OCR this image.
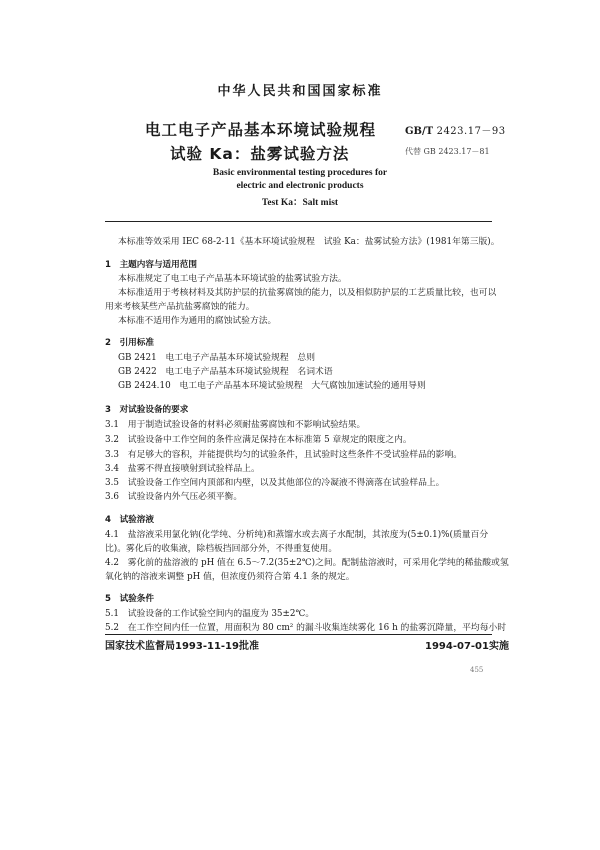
中华人民共和国国家标准
电工电子产品基本环境试验规程
试验 Ka：盐雾试验方法
GB/T 2423.17－93
代替 GB 2423.17－81
Basic environmental testing procedures for
electric and electronic products
Test Ka：Salt mist
本标准等效采用 IEC 68-2-11《基本环境试验规程　试验 Ka：盐雾试验方法》(1981年第三版)。
1　主题内容与适用范围
本标准规定了电工电子产品基本环境试验的盐雾试验方法。
本标准适用于考核材料及其防护层的抗盐雾腐蚀的能力，以及相似防护层的工艺质量比较，也可以
用来考核某些产品抗盐雾腐蚀的能力。
本标准不适用作为通用的腐蚀试验方法。
2　引用标准
GB 2421　电工电子产品基本环境试验规程　总则
GB 2422　电工电子产品基本环境试验规程　名词术语
GB 2424.10　电工电子产品基本环境试验规程　大气腐蚀加速试验的通用导则
3　对试验设备的要求
3.1　用于制造试验设备的材料必须耐盐雾腐蚀和不影响试验结果。
3.2　试验设备中工作空间的条件应满足保持在本标准第 5 章规定的限度之内。
3.3　有足够大的容积，并能提供均匀的试验条件，且试验时这些条件不受试验样品的影响。
3.4　盐雾不得直接喷射到试验样品上。
3.5　试验设备工作空间内顶部和内壁，以及其他部位的冷凝液不得滴落在试验样品上。
3.6　试验设备内外气压必须平衡。
4　试验溶液
4.1　盐溶液采用氯化钠(化学纯、分析纯)和蒸馏水或去离子水配制，其浓度为(5±0.1)%(质量百分
比)。雾化后的收集液，除档板挡回部分外，不得重复使用。
4.2　雾化前的盐溶液的 pH 值在 6.5～7.2(35±2℃)之间。配制盐溶液时，可采用化学纯的稀盐酸或氢
氧化钠的溶液来调整 pH 值，但浓度仍须符合第 4.1 条的规定。
5　试验条件
5.1　试验设备的工作试验空间内的温度为 35±2℃。
5.2　在工作空间内任一位置，用面积为 80 cm² 的漏斗收集连续雾化 16 h 的盐雾沉降量，平均每小时
国家技术监督局1993-11-19批准	1994-07-01实施
455
